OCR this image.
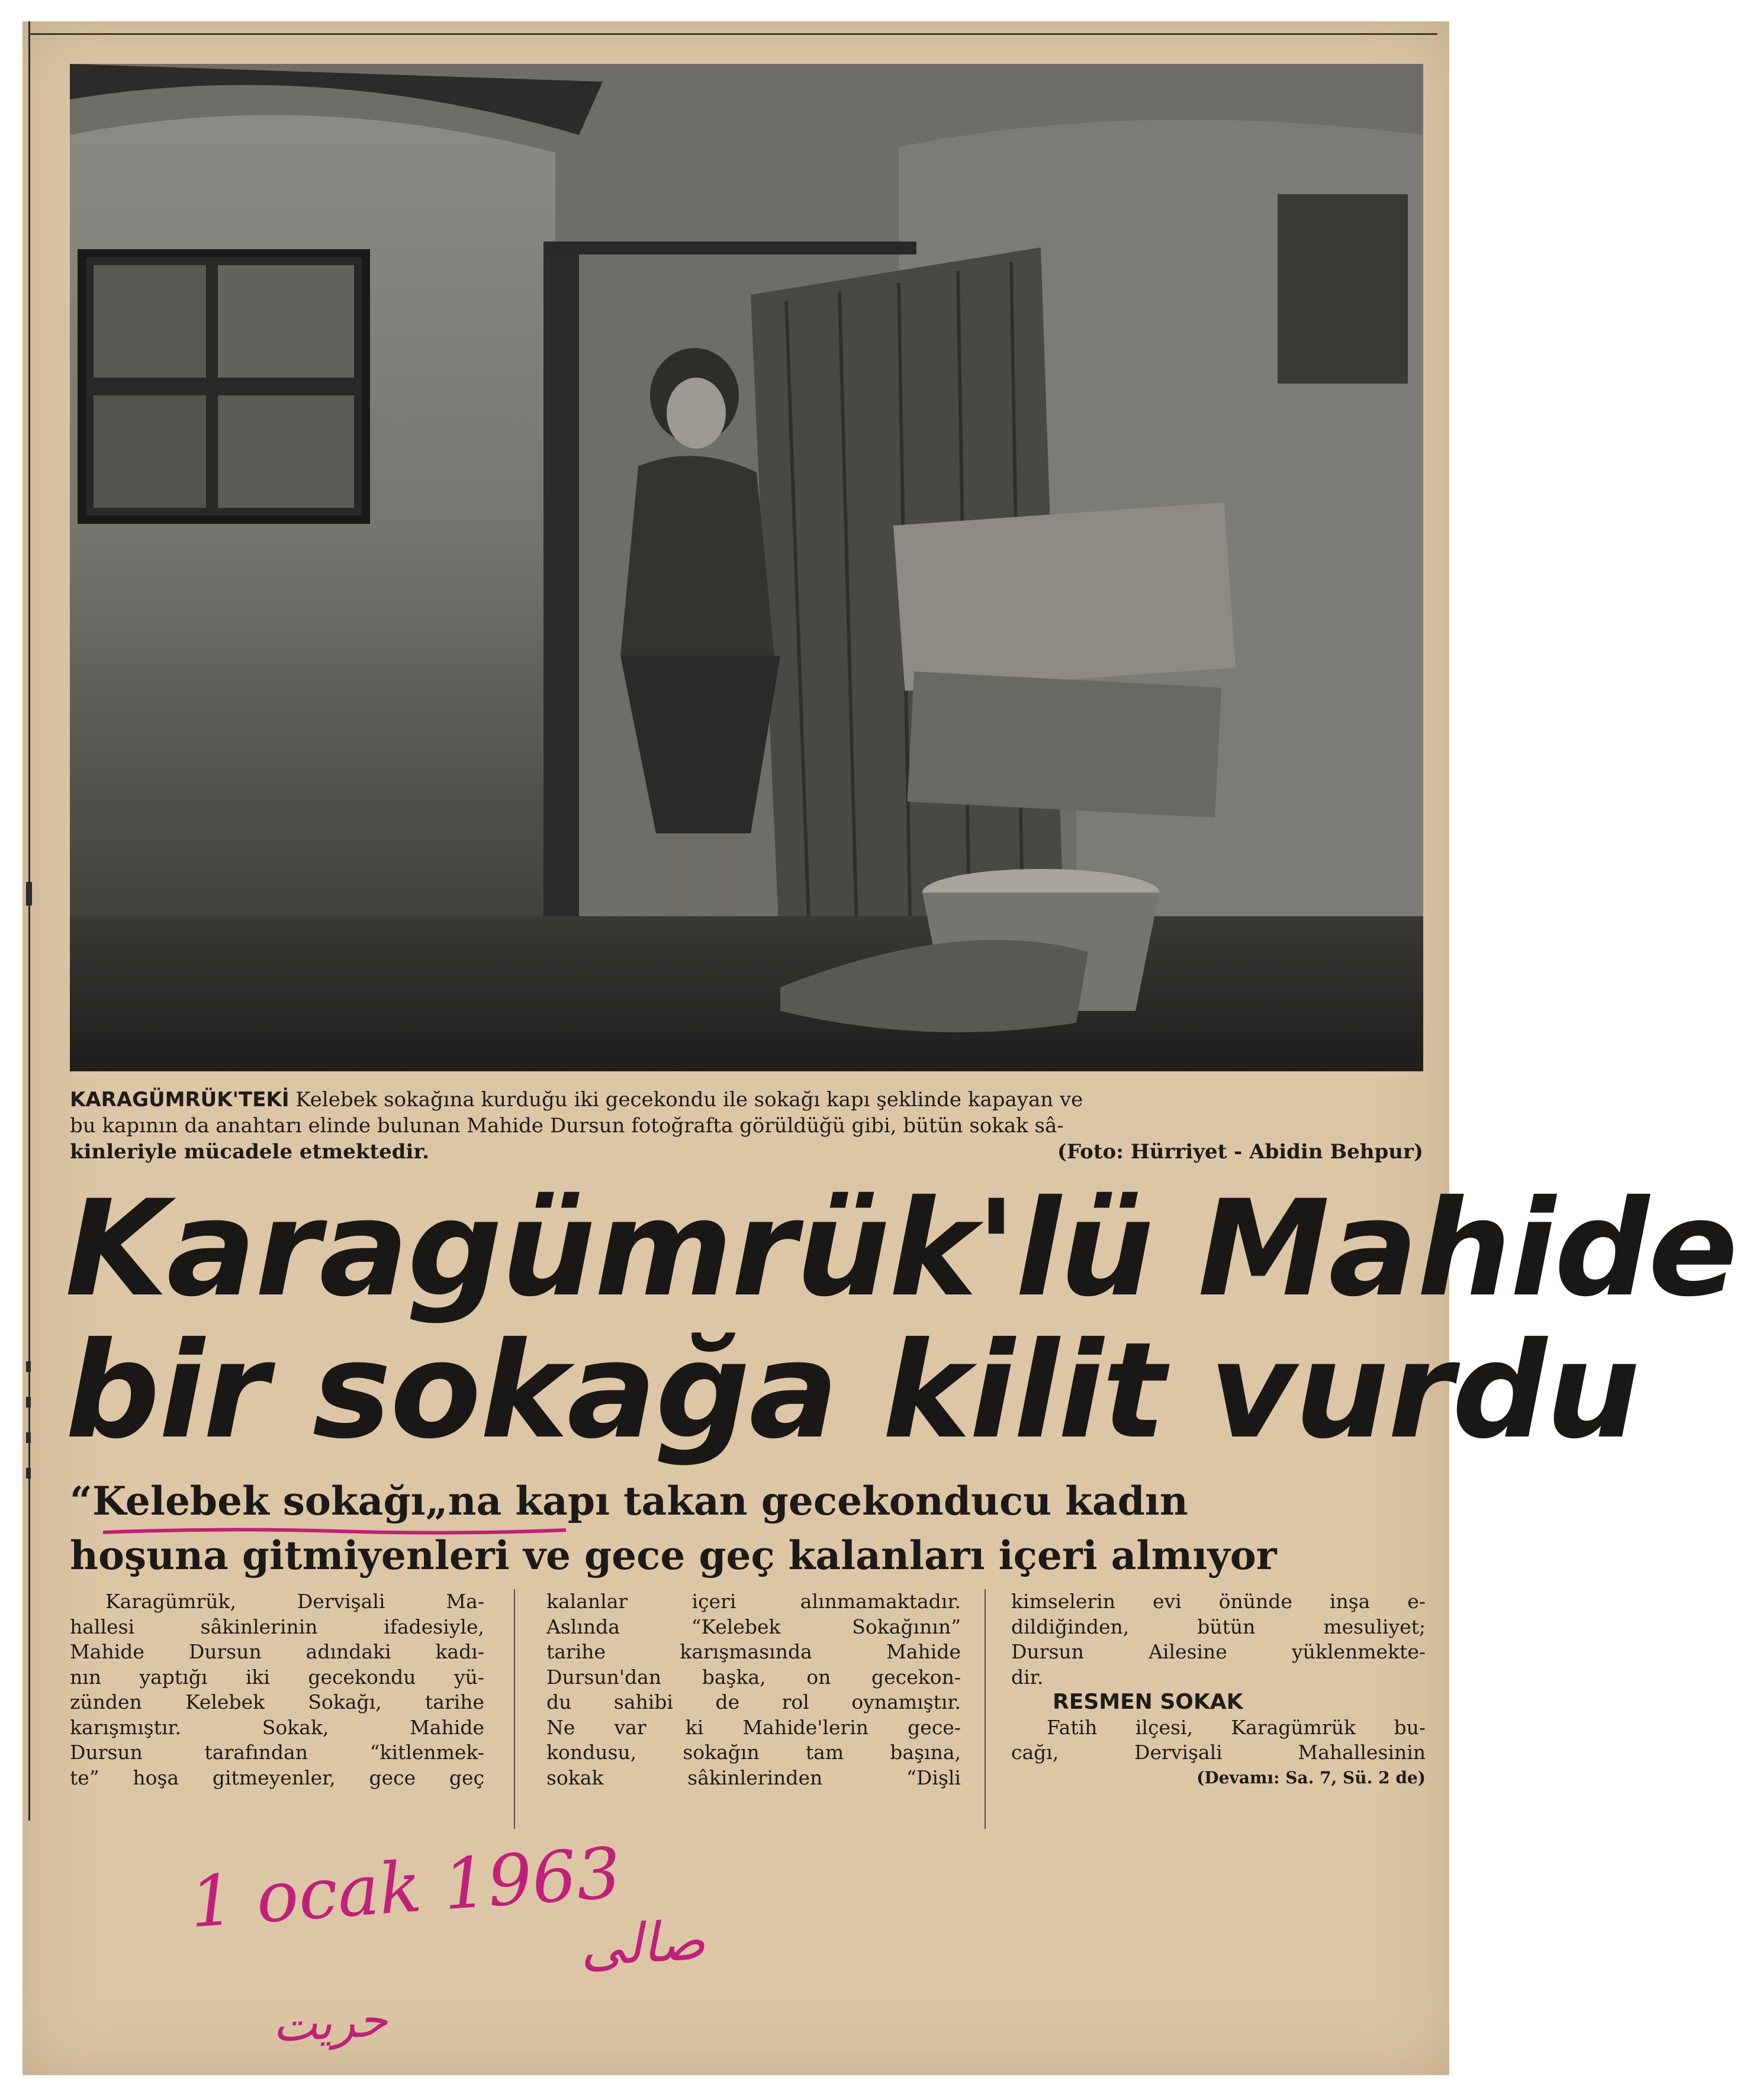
KARAGÜMRÜK'TEKİ Kelebek sokağına kurduğu iki gecekondu ile sokağı kapı şeklinde kapayan ve
bu kapının da anahtarı elinde bulunan Mahide Dursun fotoğrafta görüldüğü gibi, bütün sokak sâ-
kinleriyle mücadele etmektedir.	(Foto: Hürriyet - Abidin Behpur)
Karagümrük'lü Mahide
bir sokağa kilit vurdu
“Kelebek sokağı„na kapı takan gecekonducu kadın
hoşuna gitmiyenleri ve gece geç kalanları içeri almıyor
Karagümrük, Dervişali Ma-
hallesi sâkinlerinin ifadesiyle,
Mahide Dursun adındaki kadı-
nın yaptığı iki gecekondu yü-
zünden Kelebek Sokağı, tarihe
karışmıştır. Sokak, Mahide
Dursun tarafından “kitlenmek-
te” hoşa gitmeyenler, gece geç
kalanlar içeri alınmamaktadır.
Aslında “Kelebek Sokağının”
tarihe karışmasında Mahide
Dursun'dan başka, on gecekon-
du sahibi de rol oynamıştır.
Ne var ki Mahide'lerin gece-
kondusu, sokağın tam başına,
sokak sâkinlerinden “Dişli
kimselerin evi önünde inşa e-
dildiğinden, bütün mesuliyet;
Dursun Ailesine yüklenmekte-
dir.
RESMEN SOKAK
Fatih ilçesi, Karagümrük bu-
cağı, Dervişali Mahallesinin
(Devamı: Sa. 7, Sü. 2 de)
1 ocak 1963
صالی
حريت
